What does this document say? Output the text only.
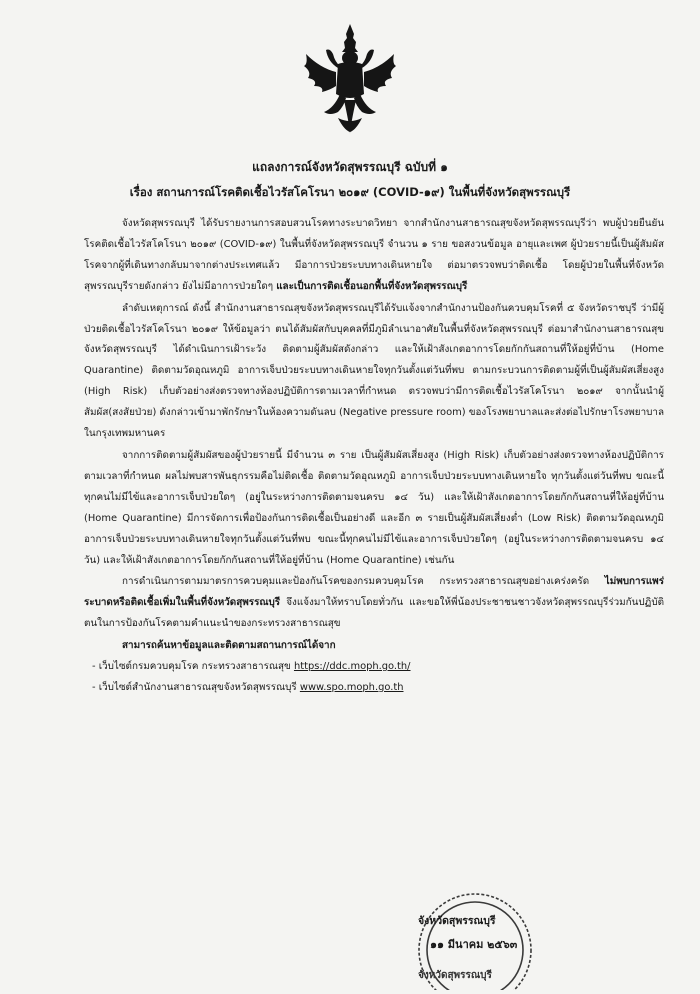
แถลงการณ์จังหวัดสุพรรณบุรี ฉบับที่ ๑
เรื่อง สถานการณ์โรคติดเชื้อไวรัสโคโรนา ๒๐๑๙ (COVID-๑๙) ในพื้นที่จังหวัดสุพรรณบุรี

จังหวัดสุพรรณบุรี ได้รับรายงานการสอบสวนโรคทางระบาดวิทยา จากสำนักงานสาธารณสุขจังหวัดสุพรรณบุรีว่า พบผู้ป่วยยืนยันโรคติดเชื้อไวรัสโคโรนา ๒๐๑๙ (COVID-๑๙) ในพื้นที่จังหวัดสุพรรณบุรี จำนวน ๑ ราย ขอสงวนข้อมูล อายุและเพศ ผู้ป่วยรายนี้เป็นผู้สัมผัสโรคจากผู้ที่เดินทางกลับมาจากต่างประเทศแล้ว มีอาการป่วยระบบทางเดินหายใจ ต่อมาตรวจพบว่าติดเชื้อ โดยผู้ป่วยในพื้นที่จังหวัดสุพรรณบุรีรายดังกล่าว ยังไม่มีอาการป่วยใดๆ และเป็นการติดเชื้อนอกพื้นที่จังหวัดสุพรรณบุรี

ลำดับเหตุการณ์ ดังนี้ สำนักงานสาธารณสุขจังหวัดสุพรรณบุรีได้รับแจ้งจากสำนักงานป้องกันควบคุมโรคที่ ๕ จังหวัดราชบุรี ว่ามีผู้ป่วยติดเชื้อไวรัสโคโรนา ๒๐๑๙ ให้ข้อมูลว่า ตนได้สัมผัสกับบุคคลที่มีภูมิลำเนาอาศัยในพื้นที่จังหวัดสุพรรณบุรี ต่อมาสำนักงานสาธารณสุขจังหวัดสุพรรณบุรี ได้ดำเนินการเฝ้าระวัง ติดตามผู้สัมผัสดังกล่าว และให้เฝ้าสังเกตอาการโดยกักกันสถานที่ให้อยู่ที่บ้าน (Home Quarantine) ติดตามวัดอุณหภูมิ อาการเจ็บป่วยระบบทางเดินหายใจทุกวันตั้งแต่วันที่พบ ตามกระบวนการติดตามผู้ที่เป็นผู้สัมผัสเสี่ยงสูง (High Risk) เก็บตัวอย่างส่งตรวจทางห้องปฏิบัติการตามเวลาที่กำหนด ตรวจพบว่ามีการติดเชื้อไวรัสโคโรนา ๒๐๑๙ จากนั้นนำผู้สัมผัส(สงสัยป่วย) ดังกล่าวเข้ามาพักรักษาในห้องความดันลบ (Negative pressure room) ของโรงพยาบาลและส่งต่อไปรักษาโรงพยาบาลในกรุงเทพมหานคร

จากการติดตามผู้สัมผัสของผู้ป่วยรายนี้ มีจำนวน ๓ ราย เป็นผู้สัมผัสเสี่ยงสูง (High Risk) เก็บตัวอย่างส่งตรวจทางห้องปฏิบัติการตามเวลาที่กำหนด ผลไม่พบสารพันธุกรรมคือไม่ติดเชื้อ ติดตามวัดอุณหภูมิ อาการเจ็บป่วยระบบทางเดินหายใจ ทุกวันตั้งแต่วันที่พบ ขณะนี้ทุกคนไม่มีไข้และอาการเจ็บป่วยใดๆ (อยู่ในระหว่างการติดตามจนครบ ๑๔ วัน) และให้เฝ้าสังเกตอาการโดยกักกันสถานที่ให้อยู่ที่บ้าน (Home Quarantine) มีการจัดการเพื่อป้องกันการติดเชื้อเป็นอย่างดี และอีก ๓ รายเป็นผู้สัมผัสเสี่ยงต่ำ (Low Risk) ติดตามวัดอุณหภูมิ อาการเจ็บป่วยระบบทางเดินหายใจทุกวันตั้งแต่วันที่พบ ขณะนี้ทุกคนไม่มีไข้และอาการเจ็บป่วยใดๆ (อยู่ในระหว่างการติดตามจนครบ ๑๔ วัน) และให้เฝ้าสังเกตอาการโดยกักกันสถานที่ให้อยู่ที่บ้าน (Home Quarantine) เช่นกัน

การดำเนินการตามมาตรการควบคุมและป้องกันโรคของกรมควบคุมโรค กระทรวงสาธารณสุขอย่างเคร่งครัด ไม่พบการแพร่ระบาดหรือติดเชื้อเพิ่มในพื้นที่จังหวัดสุพรรณบุรี จึงแจ้งมาให้ทราบโดยทั่วกัน และขอให้พี่น้องประชาชนชาวจังหวัดสุพรรณบุรีร่วมกันปฏิบัติตนในการป้องกันโรคตามคำแนะนำของกระทรวงสาธารณสุข

สามารถค้นหาข้อมูลและติดตามสถานการณ์ได้จาก
- เว็บไซต์กรมควบคุมโรค กระทรวงสาธารณสุข https://ddc.moph.go.th/
- เว็บไซต์สำนักงานสาธารณสุขจังหวัดสุพรรณบุรี www.spo.moph.go.th
จังหวัดสุพรรณบุรี
๑๑ มีนาคม ๒๕๖๓
จังหวัดสุพรรณบุรี
